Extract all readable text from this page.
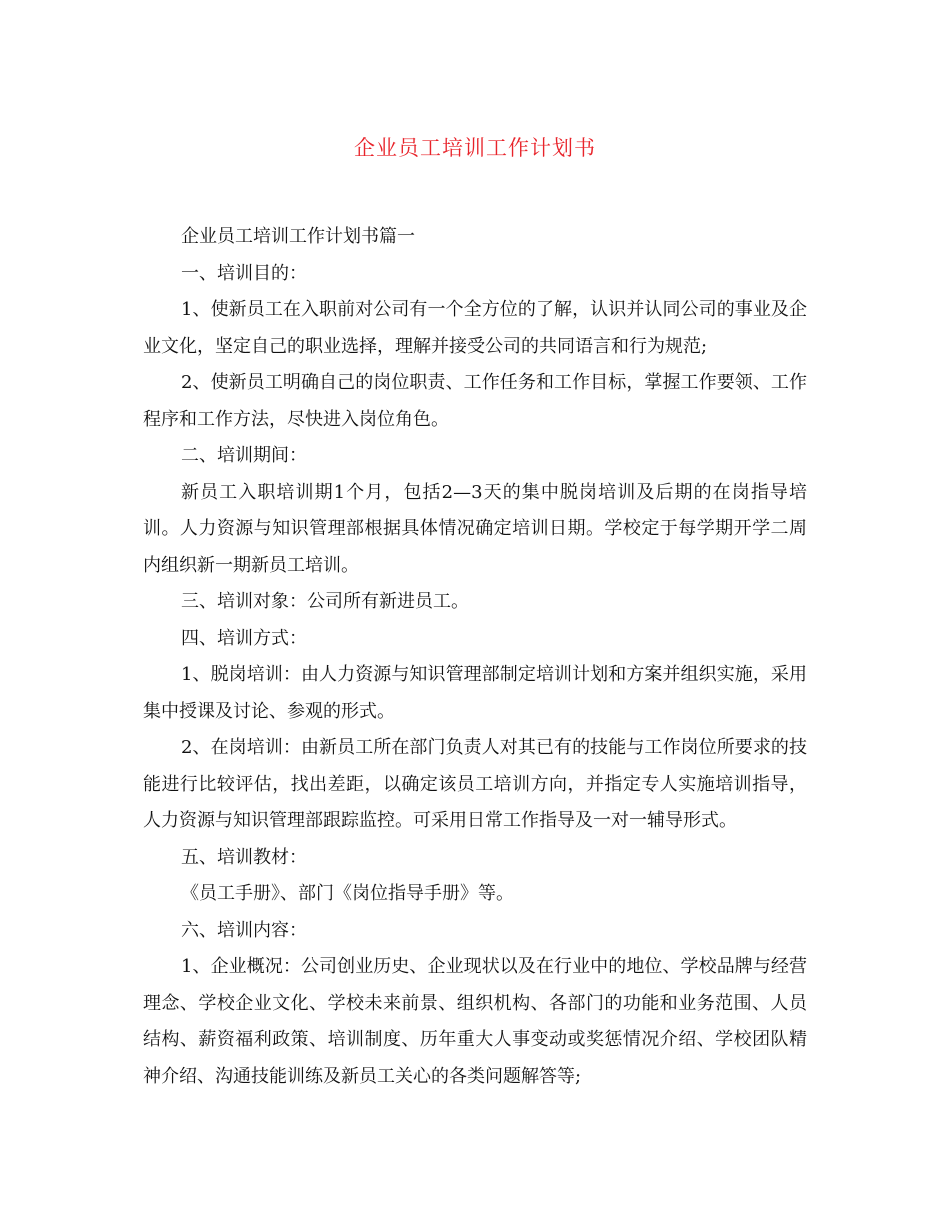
企业员工培训工作计划书

企业员工培训工作计划书篇一

一、培训目的：

1、使新员工在入职前对公司有一个全方位的了解，认识并认同公司的事业及企业文化，坚定自己的职业选择，理解并接受公司的共同语言和行为规范;

2、使新员工明确自己的岗位职责、工作任务和工作目标，掌握工作要领、工作程序和工作方法，尽快进入岗位角色。

二、培训期间：

新员工入职培训期1个月，包括2—3天的集中脱岗培训及后期的在岗指导培训。人力资源与知识管理部根据具体情况确定培训日期。学校定于每学期开学二周内组织新一期新员工培训。

三、培训对象：公司所有新进员工。

四、培训方式：

1、脱岗培训：由人力资源与知识管理部制定培训计划和方案并组织实施，采用集中授课及讨论、参观的形式。

2、在岗培训：由新员工所在部门负责人对其已有的技能与工作岗位所要求的技能进行比较评估，找出差距，以确定该员工培训方向，并指定专人实施培训指导，人力资源与知识管理部跟踪监控。可采用日常工作指导及一对一辅导形式。

五、培训教材：

《员工手册》、部门《岗位指导手册》等。

六、培训内容：

1、企业概况：公司创业历史、企业现状以及在行业中的地位、学校品牌与经营理念、学校企业文化、学校未来前景、组织机构、各部门的功能和业务范围、人员结构、薪资福利政策、培训制度、历年重大人事变动或奖惩情况介绍、学校团队精神介绍、沟通技能训练及新员工关心的各类问题解答等;
